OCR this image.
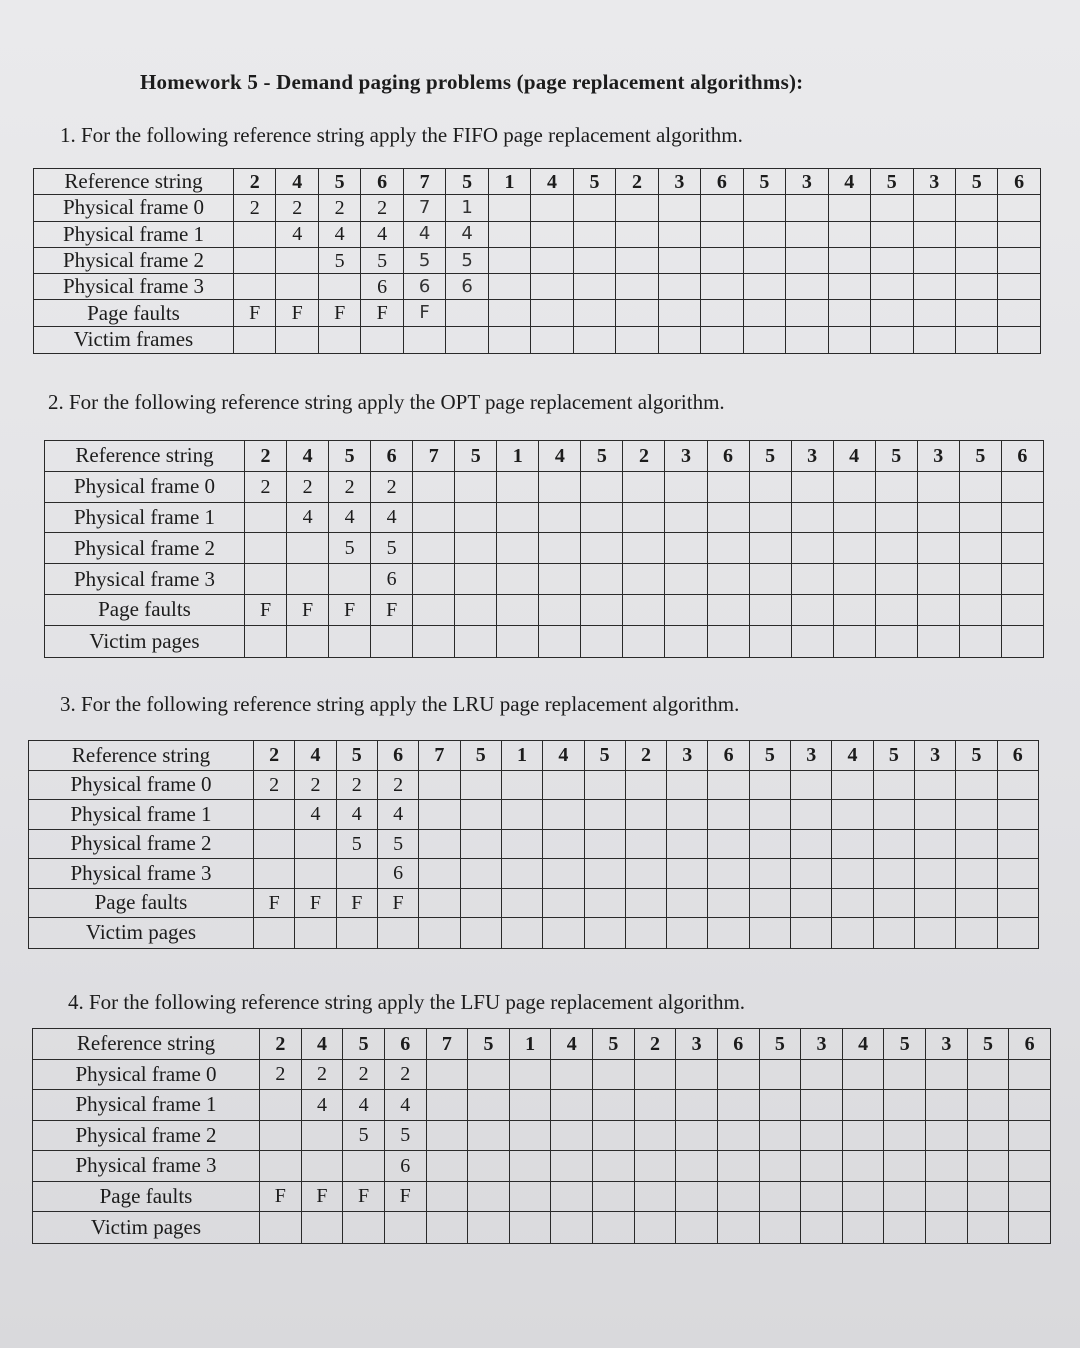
Homework 5 - Demand paging problems (page replacement algorithms):
1. For the following reference string apply the FIFO page replacement algorithm.
Reference string	2	4	5	6	7	5	1	4	5	2	3	6	5	3	4	5	3	5	6
Physical frame 0	2	2	2	2	7	1													
Physical frame 1		4	4	4	4	4													
Physical frame 2			5	5	5	5													
Physical frame 3				6	6	6													
Page faults	F	F	F	F	F														
Victim frames																			
2. For the following reference string apply the OPT page replacement algorithm.
Reference string	2	4	5	6	7	5	1	4	5	2	3	6	5	3	4	5	3	5	6
Physical frame 0	2	2	2	2															
Physical frame 1		4	4	4															
Physical frame 2			5	5															
Physical frame 3				6															
Page faults	F	F	F	F															
Victim pages																			
3. For the following reference string apply the LRU page replacement algorithm.
Reference string	2	4	5	6	7	5	1	4	5	2	3	6	5	3	4	5	3	5	6
Physical frame 0	2	2	2	2															
Physical frame 1		4	4	4															
Physical frame 2			5	5															
Physical frame 3				6															
Page faults	F	F	F	F															
Victim pages																			
4. For the following reference string apply the LFU page replacement algorithm.
Reference string	2	4	5	6	7	5	1	4	5	2	3	6	5	3	4	5	3	5	6
Physical frame 0	2	2	2	2															
Physical frame 1		4	4	4															
Physical frame 2			5	5															
Physical frame 3				6															
Page faults	F	F	F	F															
Victim pages																			
